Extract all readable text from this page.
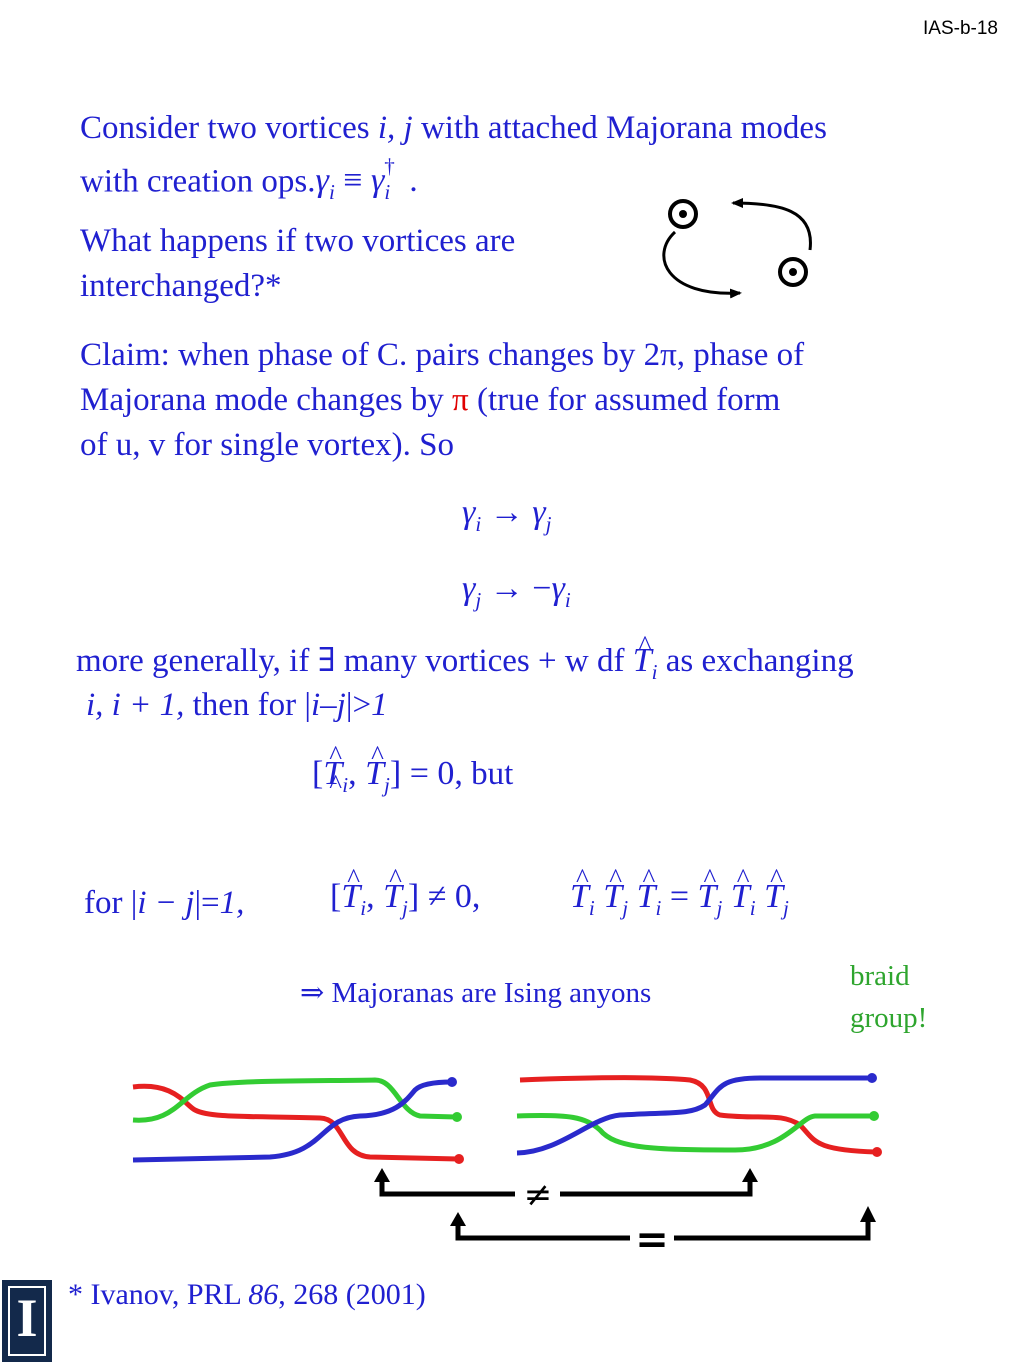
IAS-b-18
Consider two vortices i, j with attached Majorana modes
with creation $ops.\gamma_i \equiv \gamma_i^\dagger$ .
What happens if two vortices are
interchanged?*
Claim: when phase of C. pairs changes by 2π, phase of
Majorana mode changes by π (true for assumed form
of u, v for single vortex). So
$\gamma_i \to \gamma_j$
$\gamma_j \to -\gamma_i$
more generally, if ∃ many vortices + w df ^ $T_i$ as exchanging
i, i + 1, then for |i–j|>1
[^ $T_i$, ^ $T_j] = 0$, but
for |i − j|=1,	[^ $T_i$, ^ $T_j] \ne 0$,	^ $T_i$ ^ $T_j$ ^ $T_i$ = ^ $T_j$ ^ $T_i$ ^ $T_j$
⇒ Majoranas are Ising anyons
braid
group!
≠
=
* Ivanov, PRL 86, 268 (2001)
I
